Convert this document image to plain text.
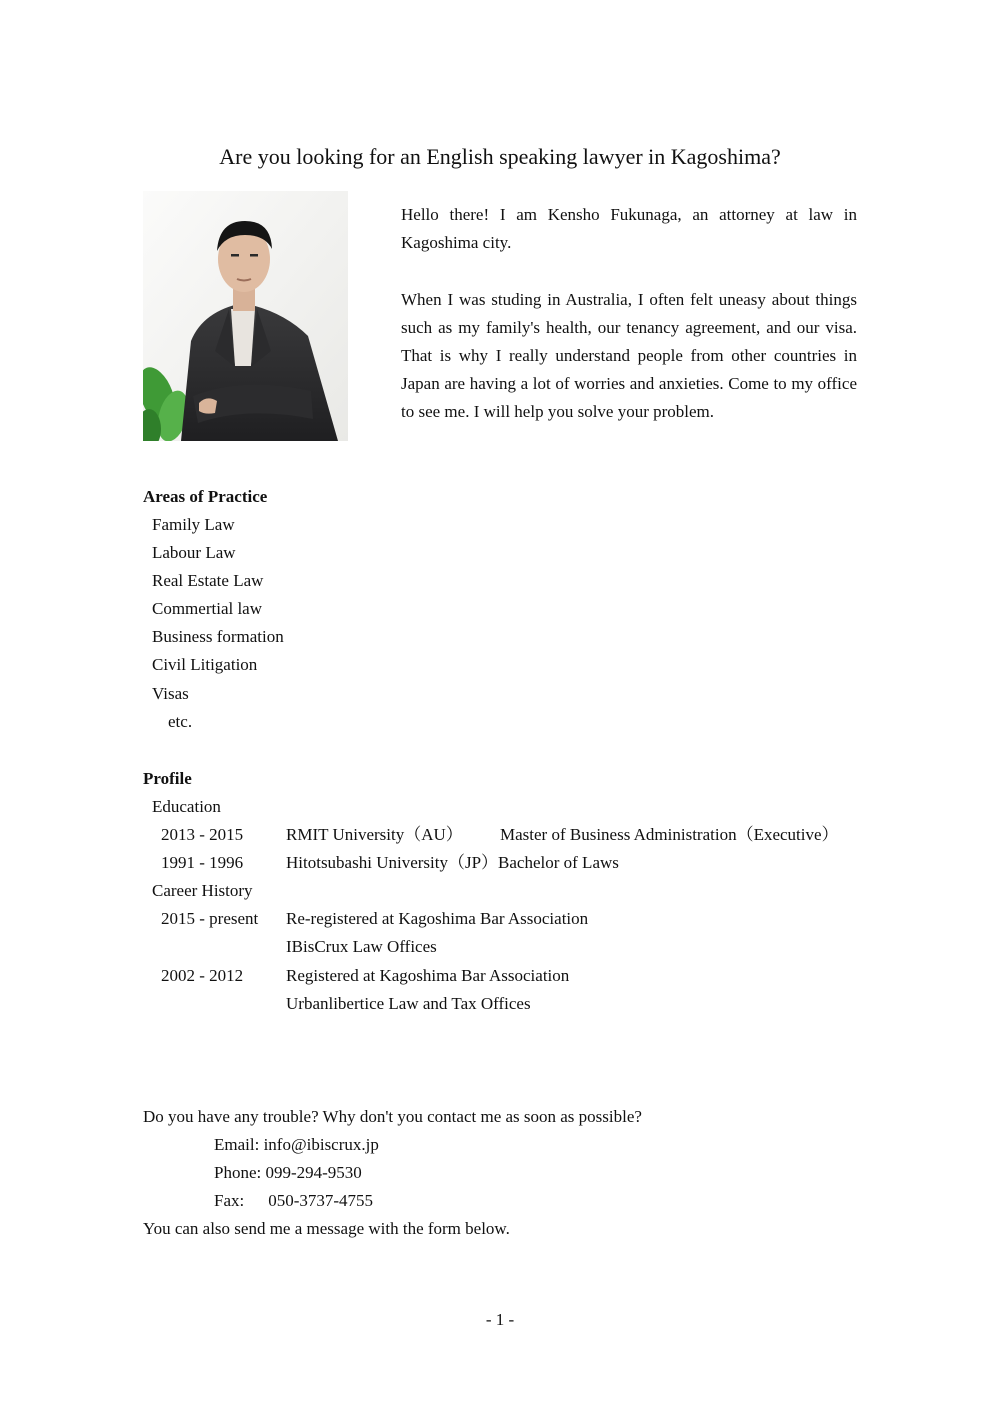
Are you looking for an English speaking lawyer in Kagoshima?

Hello there! I am Kensho Fukunaga, an attorney at law in Kagoshima city.

When I was studing in Australia, I often felt uneasy about things such as my family's health, our tenancy agreement, and our visa. That is why I really understand people from other countries in Japan are having a lot of worries and anxieties. Come to my office to see me. I will help you solve your problem.

Areas of Practice
Family Law
Labour Law
Real Estate Law
Commertial law
Business formation
Civil Litigation
Visas
etc.
Profile
Education
2013 - 2015	RMIT University（AU） Master of Business Administration（Executive）
1991 - 1996	Hitotsubashi University（JP）Bachelor of Laws
Career History
2015 - present Re-registered at Kagoshima Bar Association
IBisCrux Law Offices
2002 - 2012	Registered at Kagoshima Bar Association
Urbanlibertice Law and Tax Offices
Do you have any trouble? Why don't you contact me as soon as possible?
Email: info@ibiscrux.jp
Phone: 099-294-9530
Fax: 050-3737-4755
You can also send me a message with the form below.
- 1 -
